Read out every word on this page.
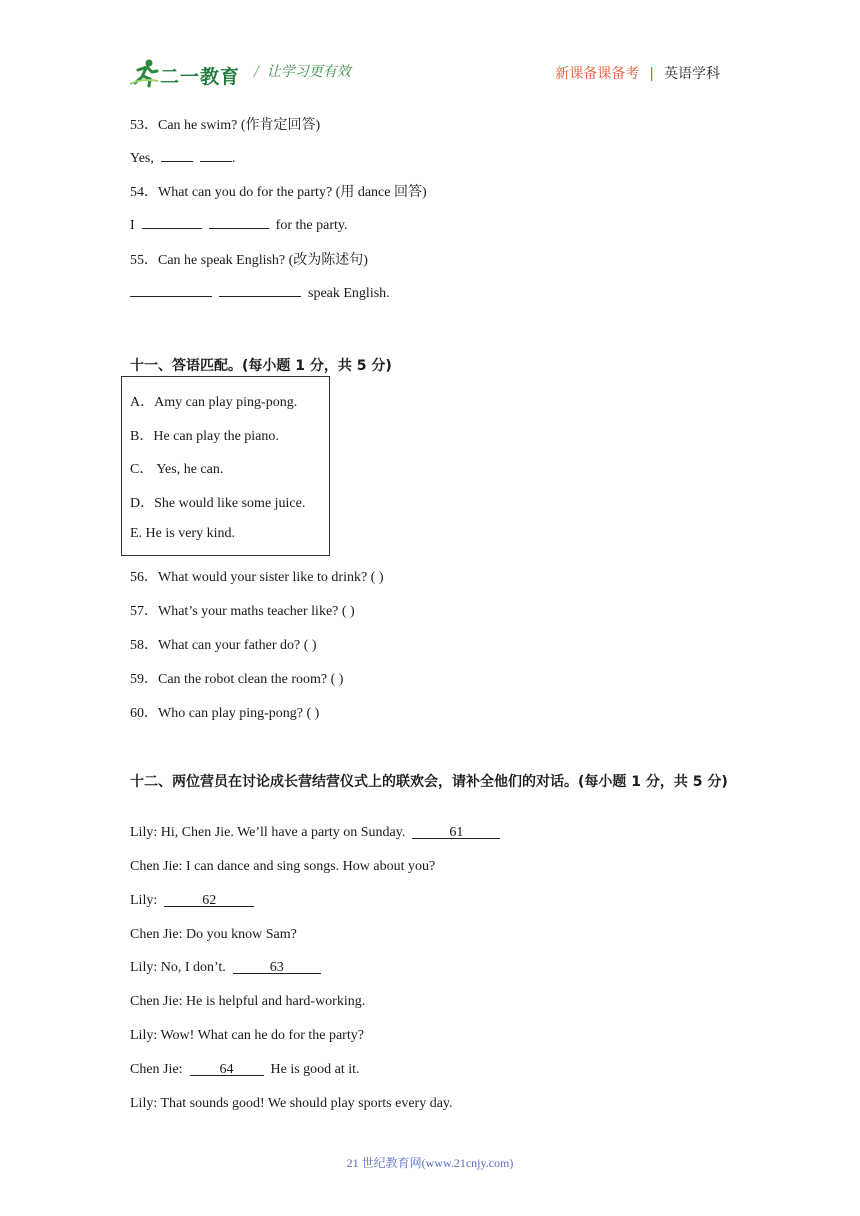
二一教育 / 让学习更有效	新课备课备考 | 英语学科
53．Can he swim? (作肯定回答)
Yes,	.
54．What can you do for the party? (用 dance 回答)
I	for the party.
55．Can he speak English? (改为陈述句)
speak English.
十一、答语匹配。(每小题 1 分，共 5 分)
A．Amy can play ping-pong.
B．He can play the piano.
C． Yes, he can.
D．She would like some juice.
E. He is very kind.
56．What would your sister like to drink? ( )
57．What’s your maths teacher like? ( )
58．What can your father do? ( )
59．Can the robot clean the room? ( )
60．Who can play ping-pong? ( )
十二、两位营员在讨论成长营结营仪式上的联欢会，请补全他们的对话。(每小题 1 分，共 5 分)
Lily: Hi, Chen Jie. We’ll have a party on Sunday.	61
Chen Jie: I can dance and sing songs. How about you?
Lily:	62
Chen Jie: Do you know Sam?
Lily: No, I don’t.	63
Chen Jie: He is helpful and hard-working.
Lily: Wow! What can he do for the party?
Chen Jie:	64	He is good at it.
Lily: That sounds good! We should play sports every day.
21 世纪教育网(www.21cnjy.com)
